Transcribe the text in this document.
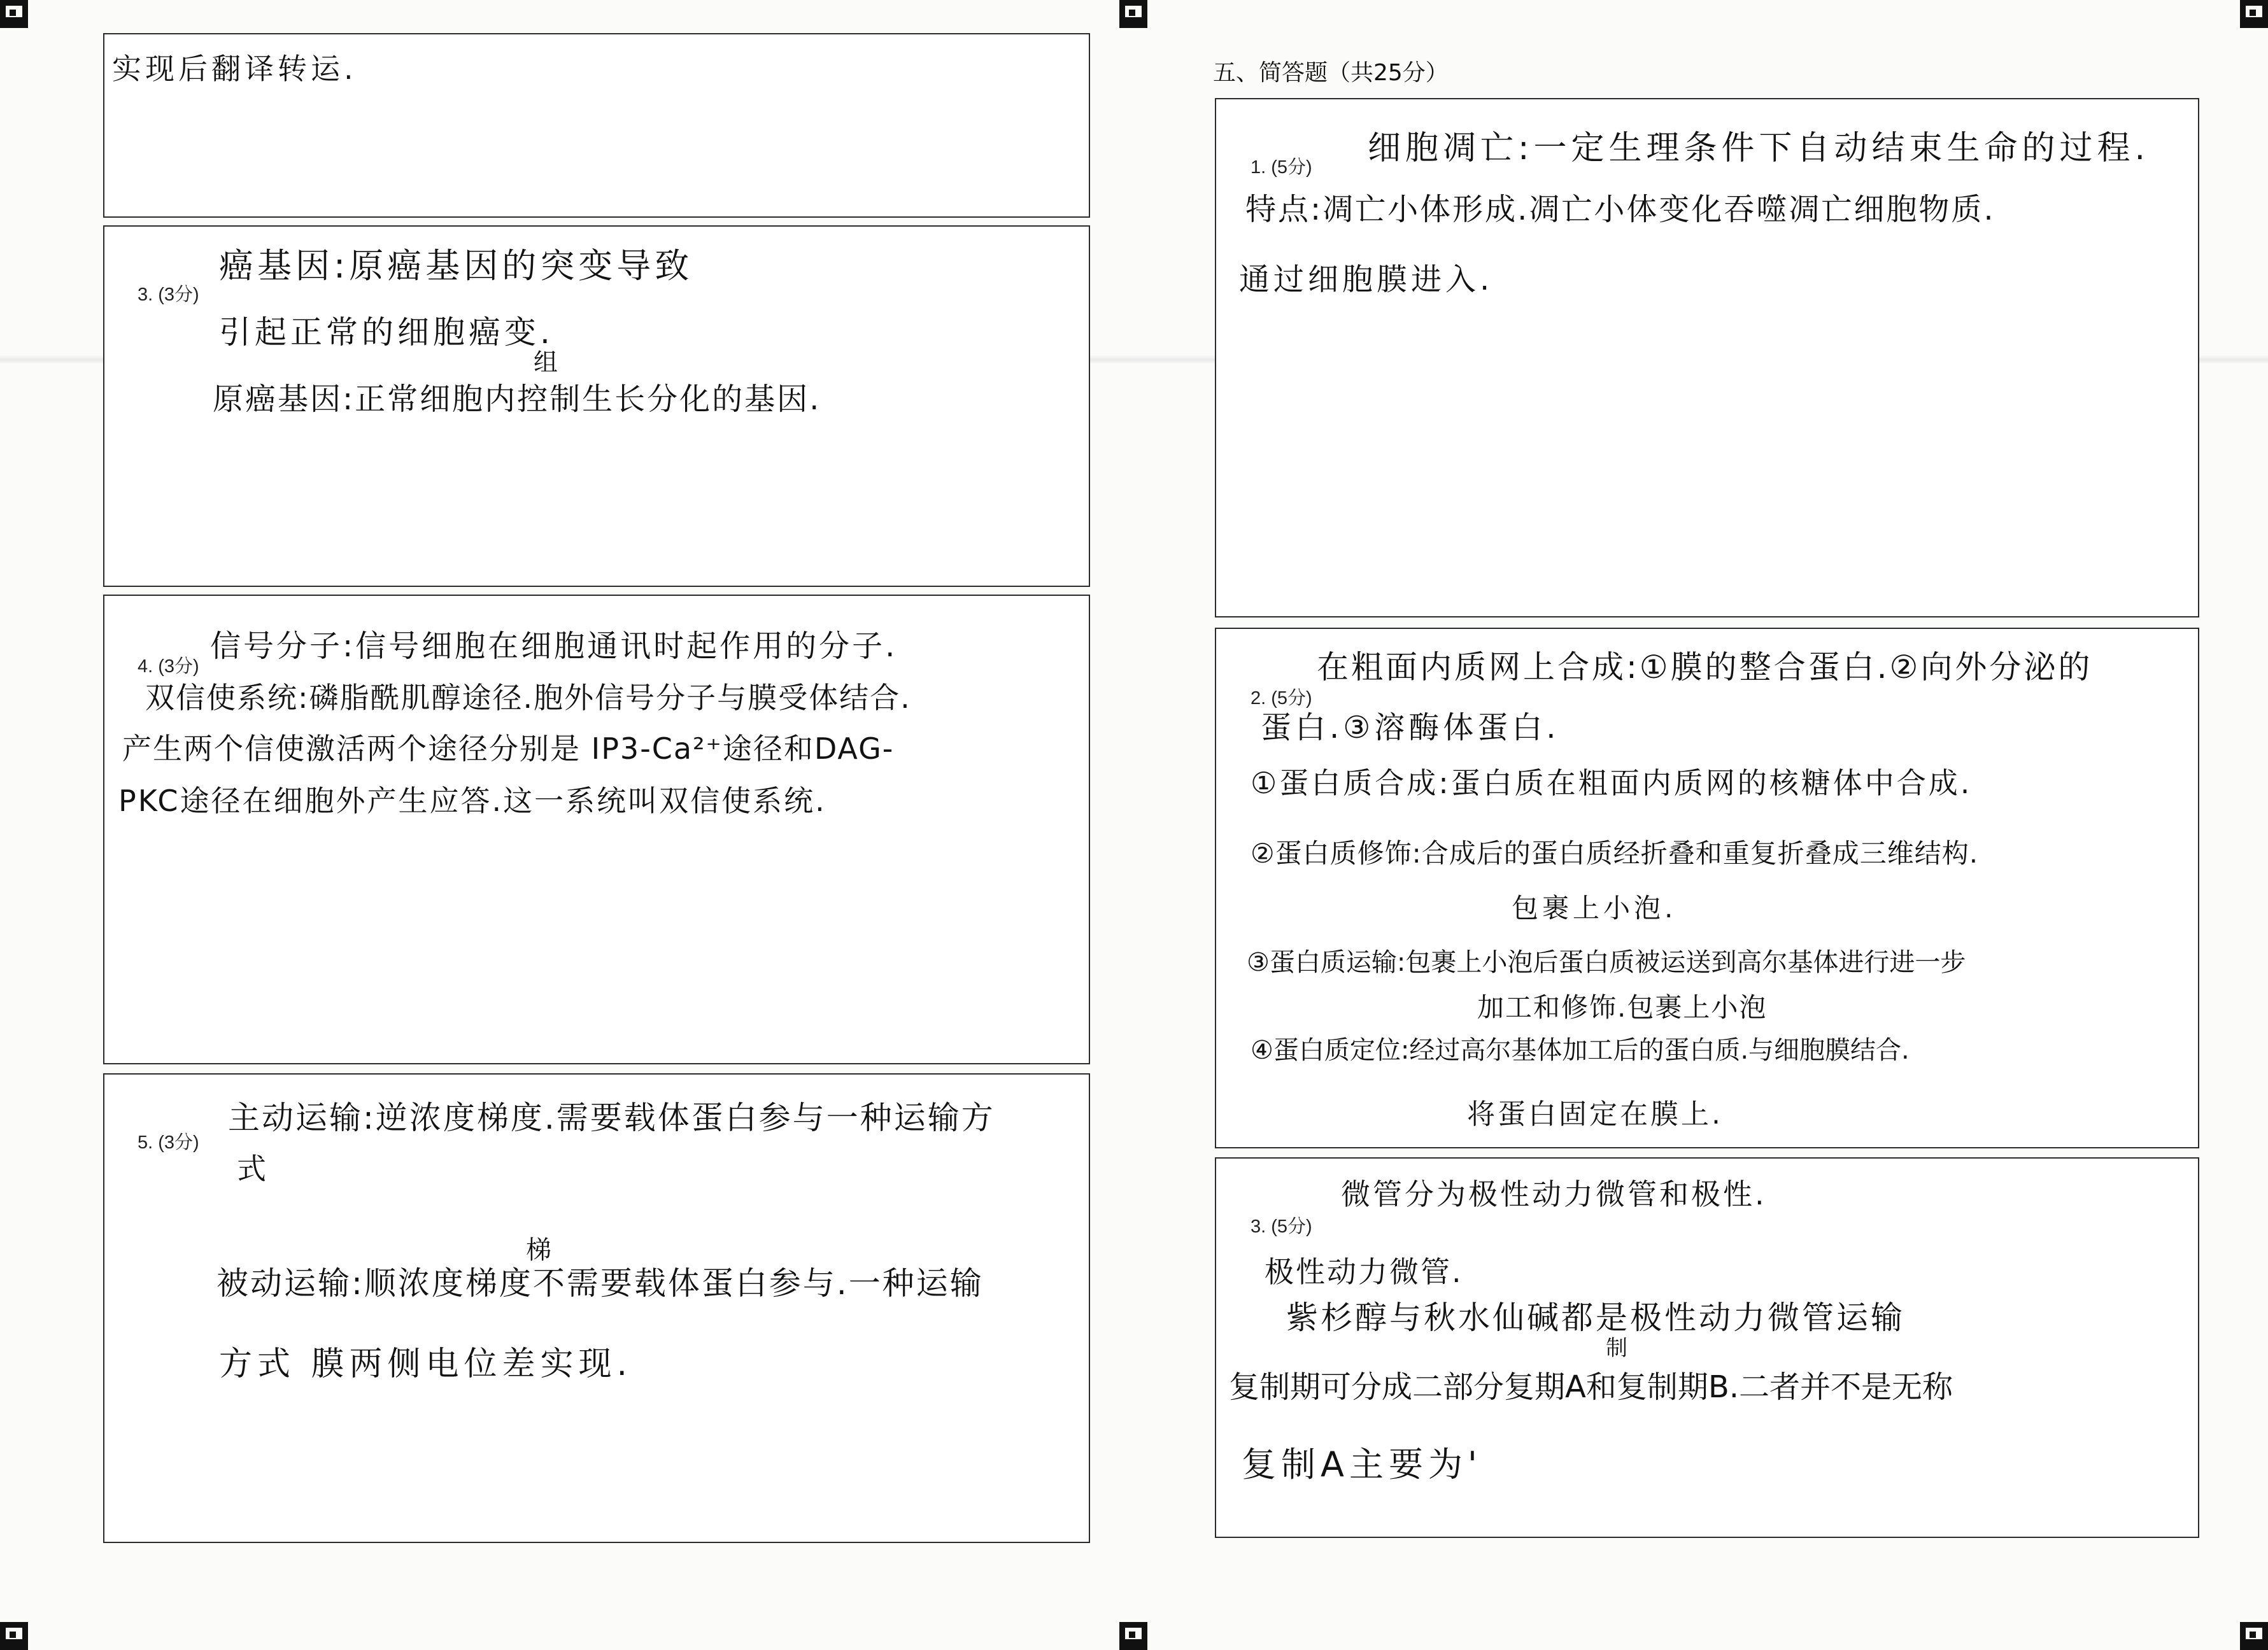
实现后翻译转运.
3. (3分)
癌基因:原癌基因的突变导致
引起正常的细胞癌变.
组
原癌基因:正常细胞内控制生长分化的基因.
4. (3分)
信号分子:信号细胞在细胞通讯时起作用的分子.
双信使系统:磷脂酰肌醇途径.胞外信号分子与膜受体结合.
产生两个信使激活两个途径分别是 IP3-Ca²⁺途径和DAG-
PKC途径在细胞外产生应答.这一系统叫双信使系统.
5. (3分)
主动运输:逆浓度梯度.需要载体蛋白参与一种运输方
式
梯
被动运输:顺浓度梯度不需要载体蛋白参与.一种运输
方式 膜两侧电位差实现.
五、简答题（共25分）
1. (5分) 细胞凋亡:一定生理条件下自动结束生命的过程.
特点:凋亡小体形成.凋亡小体变化吞噬凋亡细胞物质.
通过细胞膜进入.
2. (5分)
在粗面内质网上合成:①膜的整合蛋白.②向外分泌的
蛋白.③溶酶体蛋白.
①蛋白质合成:蛋白质在粗面内质网的核糖体中合成.
②蛋白质修饰:合成后的蛋白质经折叠和重复折叠成三维结构.
包裹上小泡.
③蛋白质运输:包裹上小泡后蛋白质被运送到高尔基体进行进一步
加工和修饰.包裹上小泡
④蛋白质定位:经过高尔基体加工后的蛋白质.与细胞膜结合.
将蛋白固定在膜上.
3. (5分)
微管分为极性动力微管和极性.
极性动力微管.
紫杉醇与秋水仙碱都是极性动力微管运输
制
复制期可分成二部分复期A和复制期B.二者并不是无称
复制A主要为'
